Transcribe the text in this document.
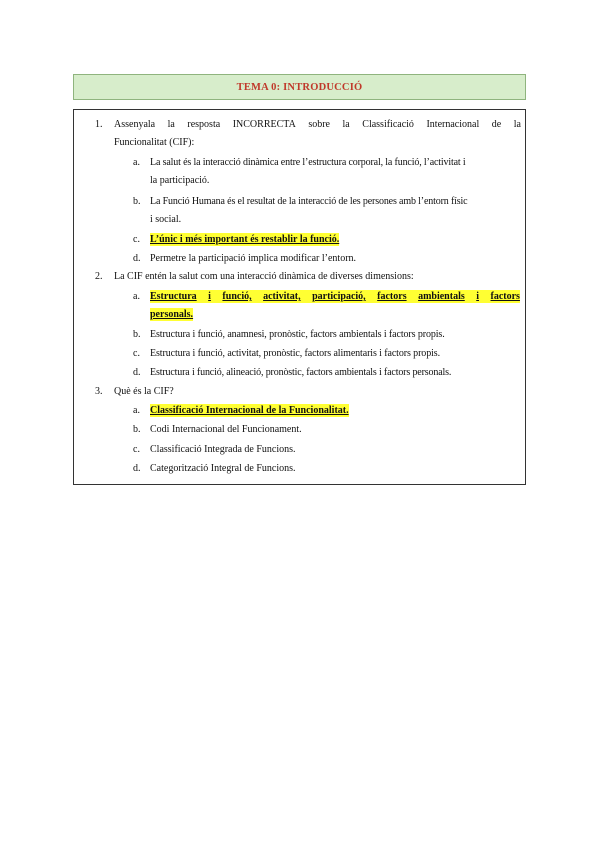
TEMA 0: INTRODUCCIÓ
1. Assenyala la resposta INCORRECTA sobre la Classificació Internacional de la
Funcionalitat (CIF):
a. La salut és la interacció dinàmica entre l’estructura corporal, la funció, l’activitat i
la participació.
b. La Funció Humana és el resultat de la interacció de les persones amb l’entorn físic
i social.
c. L’únic i més important és restablir la funció.
d. Permetre la participació implica modificar l’entorn.
2. La CIF entén la salut com una interacció dinàmica de diverses dimensions:
a. Estructura i funció, activitat, participació, factors ambientals i factors
personals.
b. Estructura i funció, anamnesi, pronòstic, factors ambientals i factors propis.
c. Estructura i funció, activitat, pronòstic, factors alimentaris i factors propis.
d. Estructura i funció, alineació, pronòstic, factors ambientals i factors personals.
3. Què és la CIF?
a. Classificació Internacional de la Funcionalitat.
b. Codi Internacional del Funcionament.
c. Classificació Integrada de Funcions.
d. Categorització Integral de Funcions.
